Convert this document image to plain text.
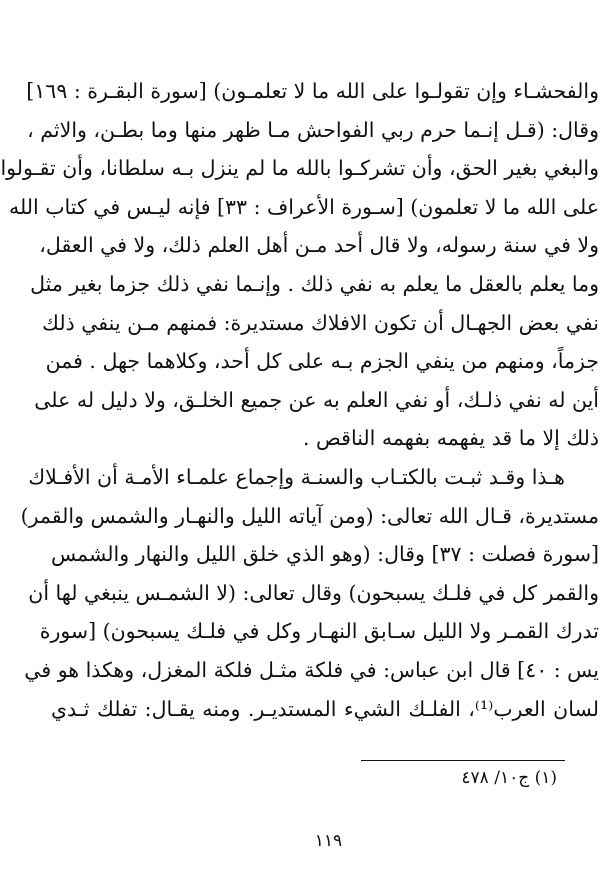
والفحشـاء وإن تقولـوا على الله ما لا تعلمـون) [سورة البقـرة : ١٦٩]
وقال: (قـل إنـما حرم ربي الفواحش مـا ظهر منها وما بطـن، والاثم ،
والبغي بغير الحق، وأن تشركـوا بالله ما لم ينزل بـه سلطانا، وأن تقـولوا
على الله ما لا تعلمون) [سـورة الأعراف : ٣٣] فإنه ليـس في كتاب الله
ولا في سنة رسوله، ولا قال أحد مـن أهل العلم ذلك، ولا في العقل،
وما يعلم بالعقل ما يعلم به نفي ذلك . وإنـما نفي ذلك جزما بغير مثل
نفي بعض الجهـال أن تكون الافلاك مستديرة: فمنهم مـن ينفي ذلك
جزماً، ومنهم من ينفي الجزم بـه على كل أحد، وكلاهما جهل . فمن
أين له نفي ذلـك، أو نفي العلم به عن جميع الخلـق، ولا دليل له على
ذلك إلا ما قد يفهمه بفهمه الناقص .
هـذا وقـد ثبـت بالكتـاب والسنـة وإجماع علمـاء الأمـة أن الأفـلاك
مستديرة، قـال الله تعالى: (ومن آياته الليل والنهـار والشمس والقمر)
[سورة فصلت : ٣٧] وقال: (وهو الذي خلق الليل والنهار والشمس
والقمر كل في فلـك يسبحون) وقال تعالى: (لا الشمـس ينبغي لها أن
تدرك القمـر ولا الليل سـابق النهـار وكل في فلـك يسبحون) [سورة
يس : ٤٠] قال ابن عباس: في فلكة مثـل فلكة المغزل، وهكذا هو في
لسان العرب⁽¹⁾، الفلـك الشيء المستديـر. ومنه يقـال: تفلك ثـدي
(١) ج١٠/ ٤٧٨
١١٩
